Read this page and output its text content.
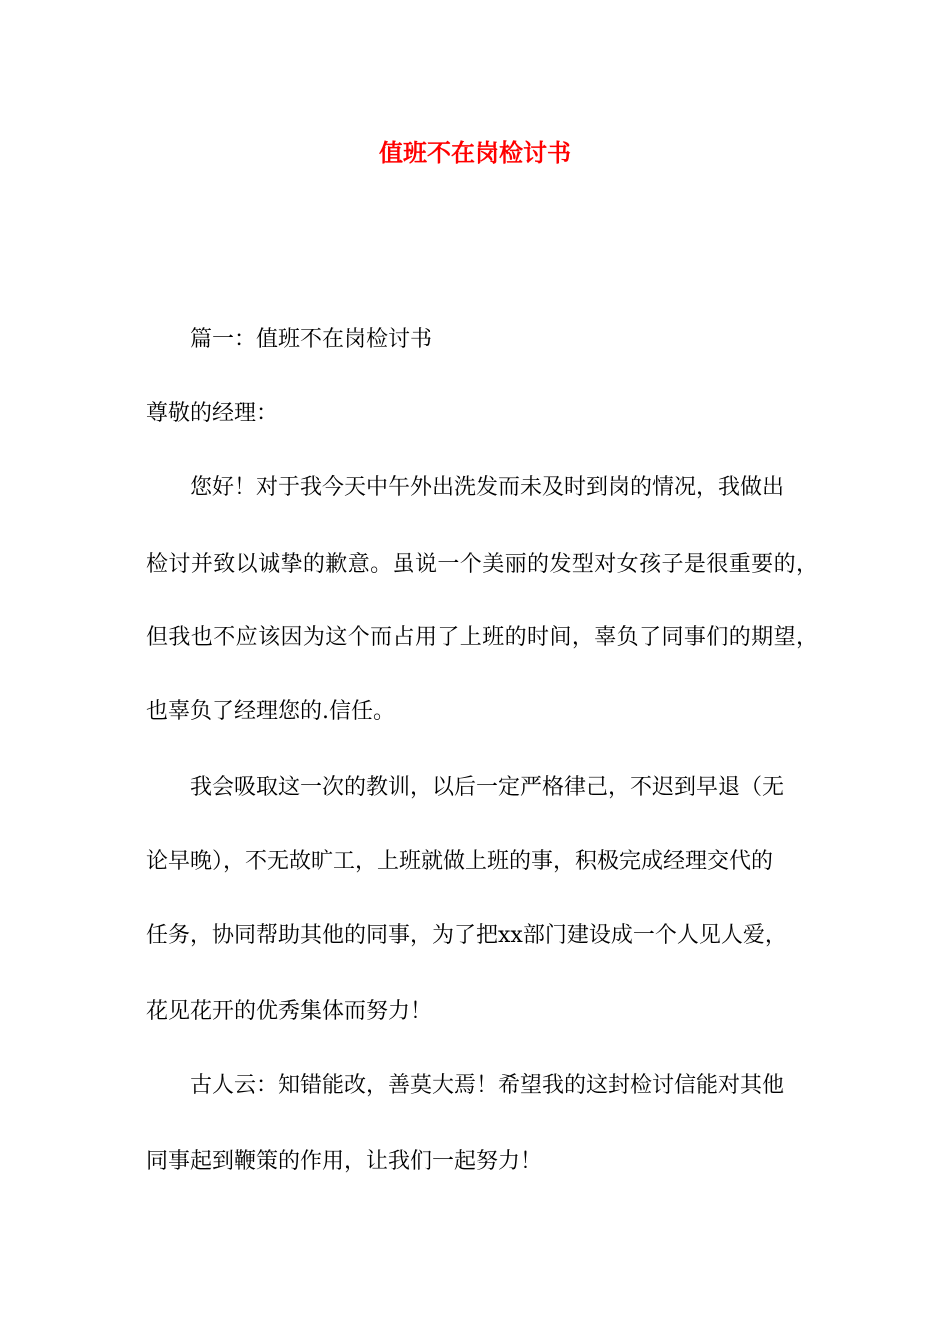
值班不在岗检讨书
篇一：值班不在岗检讨书
尊敬的经理：
您好！对于我今天中午外出洗发而未及时到岗的情况，我做出
检讨并致以诚挚的歉意。虽说一个美丽的发型对女孩子是很重要的，
但我也不应该因为这个而占用了上班的时间，辜负了同事们的期望，
也辜负了经理您的.信任。
我会吸取这一次的教训，以后一定严格律己，不迟到早退（无
论早晚），不无故旷工，上班就做上班的事，积极完成经理交代的
任务，协同帮助其他的同事，为了把xx部门建设成一个人见人爱，
花见花开的优秀集体而努力！
古人云：知错能改，善莫大焉！希望我的这封检讨信能对其他
同事起到鞭策的作用，让我们一起努力！
